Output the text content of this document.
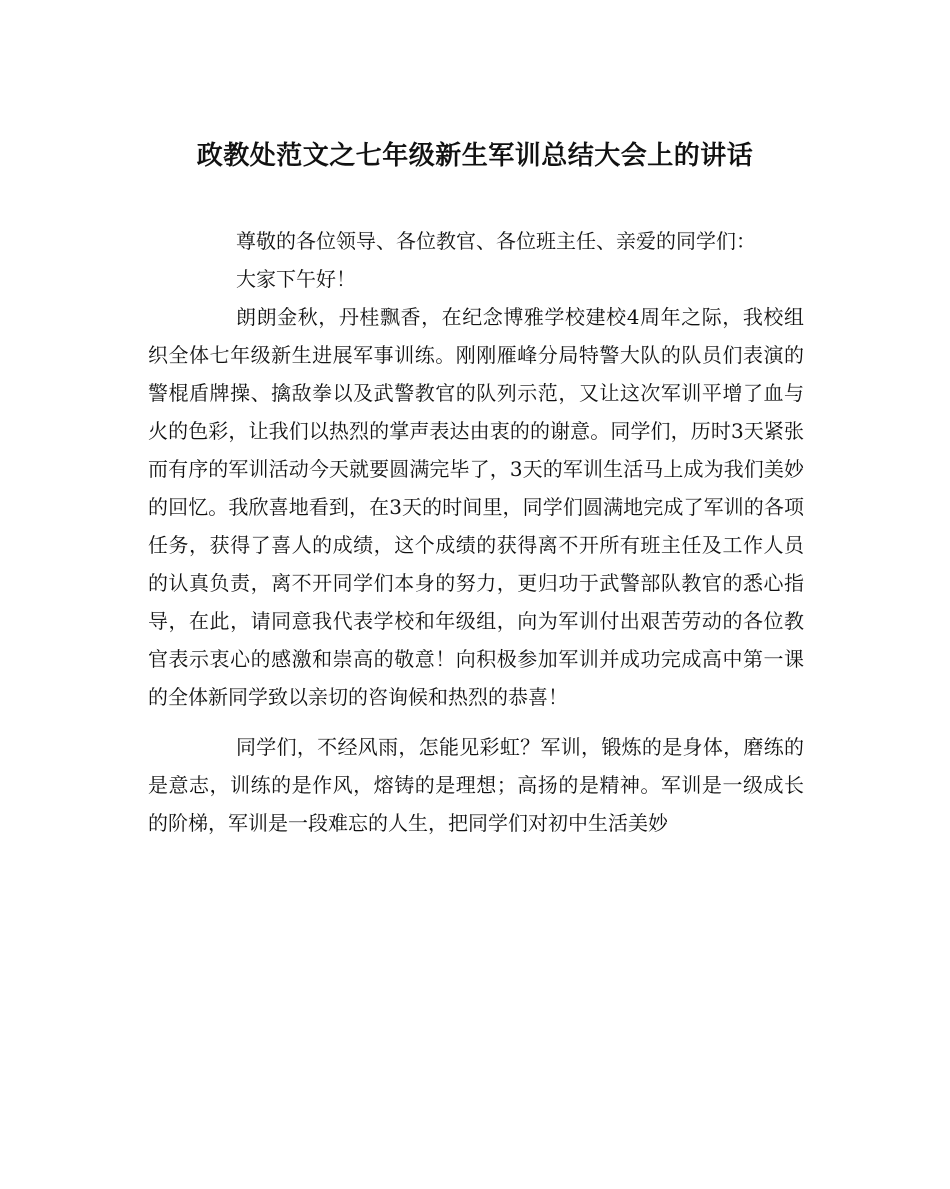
政教处范文之七年级新生军训总结大会上的讲话

尊敬的各位领导、各位教官、各位班主任、亲爱的同学们：

大家下午好！

朗朗金秋，丹桂飘香，在纪念博雅学校建校4周年之际，我校组织全体七年级新生进展军事训练。刚刚雁峰分局特警大队的队员们表演的警棍盾牌操、擒敌拳以及武警教官的队列示范，又让这次军训平增了血与火的色彩，让我们以热烈的掌声表达由衷的的谢意。同学们，历时3天紧张而有序的军训活动今天就要圆满完毕了，3天的军训生活马上成为我们美妙的回忆。我欣喜地看到，在3天的时间里，同学们圆满地完成了军训的各项任务，获得了喜人的成绩，这个成绩的获得离不开所有班主任及工作人员的认真负责，离不开同学们本身的努力，更归功于武警部队教官的悉心指导，在此，请同意我代表学校和年级组，向为军训付出艰苦劳动的各位教官表示衷心的感激和崇高的敬意！向积极参加军训并成功完成高中第一课的全体新同学致以亲切的咨询候和热烈的恭喜！

同学们，不经风雨，怎能见彩虹？军训，锻炼的是身体，磨练的是意志，训练的是作风，熔铸的是理想；高扬的是精神。军训是一级成长的阶梯，军训是一段难忘的人生，把同学们对初中生活美妙
